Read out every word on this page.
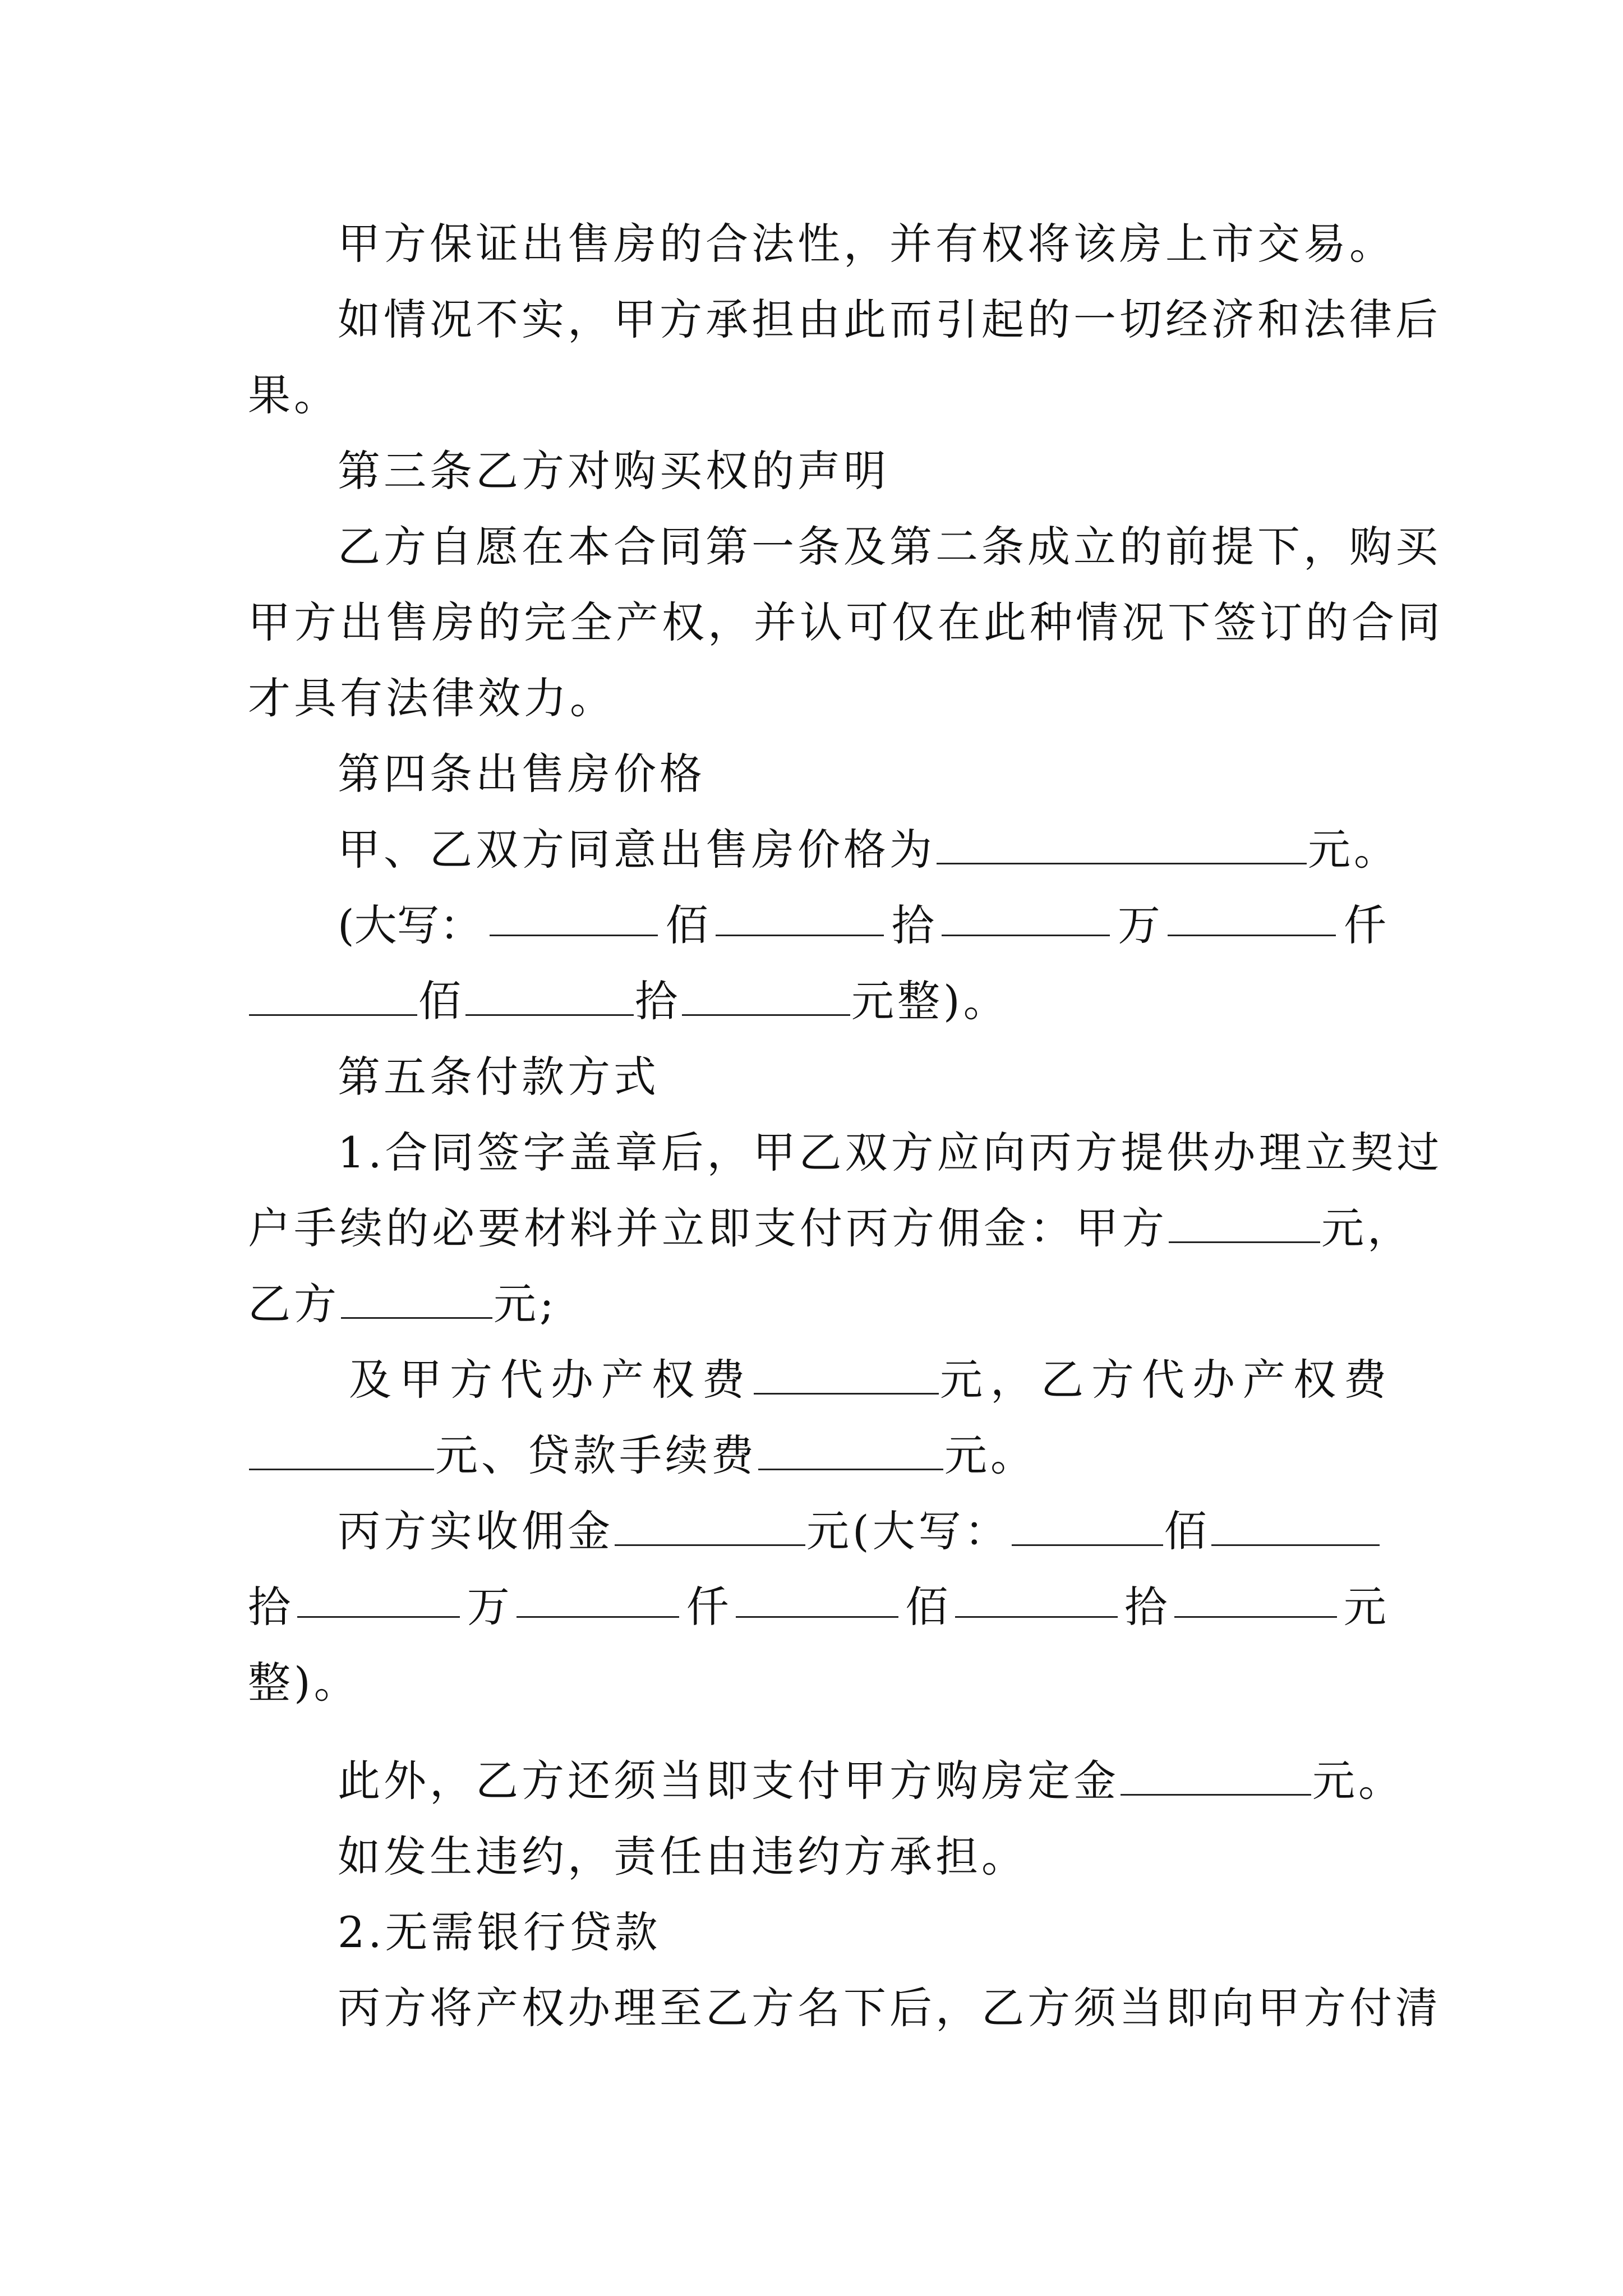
甲方保证出售房的合法性，并有权将该房上市交易。
如情况不实，甲方承担由此而引起的一切经济和法律后
果。
第三条乙方对购买权的声明
乙方自愿在本合同第一条及第二条成立的前提下，购买
甲方出售房的完全产权，并认可仅在此种情况下签订的合同
才具有法律效力。
第四条出售房价格
甲、乙双方同意出售房价格为	元。
(大写：	佰	拾	万	仟
佰	拾	元整)。
第五条付款方式
1.合同签字盖章后，甲乙双方应向丙方提供办理立契过
户手续的必要材料并立即支付丙方佣金：甲方	元，
乙方	元;
及甲方代办产权费	元，乙方代办产权费
元、贷款手续费	元。
丙方实收佣金	元(大写：	佰
拾	万	仟	佰	拾	元
整)。
此外，乙方还须当即支付甲方购房定金	元。
如发生违约，责任由违约方承担。
2.无需银行贷款
丙方将产权办理至乙方名下后，乙方须当即向甲方付清
